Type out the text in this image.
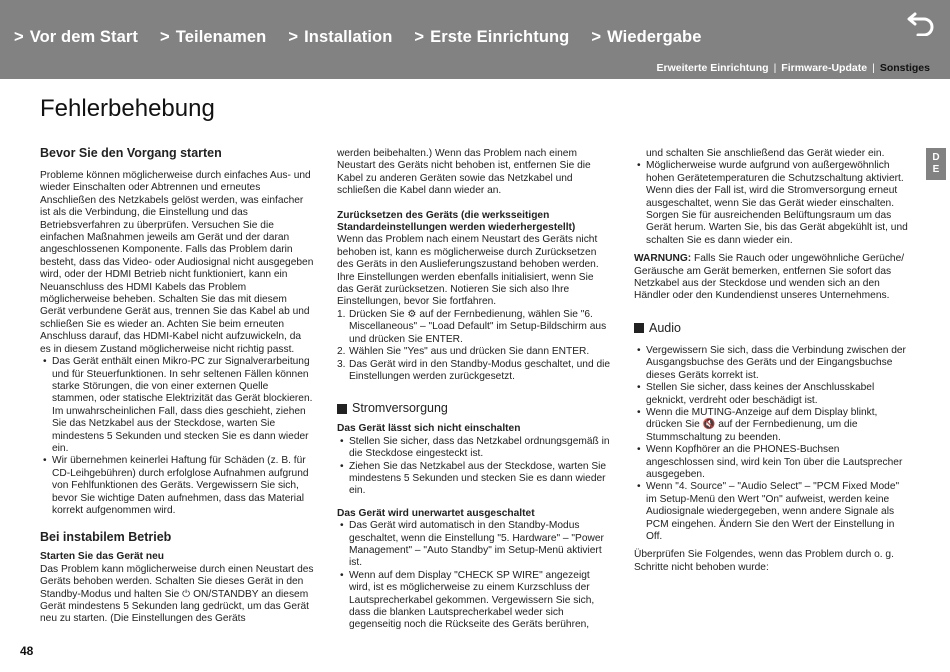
> Vor dem Start > Teilenamen > Installation > Erste Einrichtung > Wiedergabe
Erweiterte Einrichtung | Firmware-Update | Sonstiges
Fehlerbehebung
Bevor Sie den Vorgang starten

Probleme können möglicherweise durch einfaches Aus- und wieder Einschalten oder Abtrennen und erneutes Anschließen des Netzkabels gelöst werden, was einfacher ist als die Verbindung, die Einstellung und das Betriebsverfahren zu überprüfen. Versuchen Sie die einfachen Maßnahmen jeweils am Gerät und der daran angeschlossenen Komponente. Falls das Problem darin besteht, dass das Video- oder Audiosignal nicht ausgegeben wird, oder der HDMI Betrieb nicht funktioniert, kann ein Neuanschluss des HDMI Kabels das Problem möglicherweise beheben. Schalten Sie das mit diesem Gerät verbundene Gerät aus, trennen Sie das Kabel ab und schließen Sie es wieder an. Achten Sie beim erneuten Anschluss darauf, das HDMI-Kabel nicht aufzuwickeln, da es in diesem Zustand möglicherweise nicht richtig passt.

• Das Gerät enthält einen Mikro-PC zur Signalverarbeitung und für Steuerfunktionen. In sehr seltenen Fällen können starke Störungen, die von einer externen Quelle stammen, oder statische Elektrizität das Gerät blockieren. Im unwahrscheinlichen Fall, dass dies geschieht, ziehen Sie das Netzkabel aus der Steckdose, warten Sie mindestens 5 Sekunden und stecken Sie es dann wieder ein.
• Wir übernehmen keinerlei Haftung für Schäden (z. B. für CD-Leihgebühren) durch erfolglose Aufnahmen aufgrund von Fehlfunktionen des Geräts. Vergewissern Sie sich, bevor Sie wichtige Daten aufnehmen, dass das Material korrekt aufgenommen wird.
Bei instabilem Betrieb
Starten Sie das Gerät neu

Das Problem kann möglicherweise durch einen Neustart des Geräts behoben werden. Schalten Sie dieses Gerät in den Standby-Modus und halten Sie ⏻ ON/STANDBY an diesem Gerät mindestens 5 Sekunden lang gedrückt, um das Gerät neu zu starten. (Die Einstellungen des Geräts

werden beibehalten.) Wenn das Problem nach einem Neustart des Geräts nicht behoben ist, entfernen Sie die Kabel zu anderen Geräten sowie das Netzkabel und schließen die Kabel dann wieder an.

Zurücksetzen des Geräts (die werksseitigen Standardeinstellungen werden wiederhergestellt)

Wenn das Problem nach einem Neustart des Geräts nicht behoben ist, kann es möglicherweise durch Zurücksetzen des Geräts in den Auslieferungszustand behoben werden. Ihre Einstellungen werden ebenfalls initialisiert, wenn Sie das Gerät zurücksetzen. Notieren Sie sich also Ihre Einstellungen, bevor Sie fortfahren.

1. Drücken Sie ⚙ auf der Fernbedienung, wählen Sie "6. Miscellaneous" – "Load Default" im Setup-Bildschirm aus und drücken Sie ENTER.
2. Wählen Sie "Yes" aus und drücken Sie dann ENTER.
3. Das Gerät wird in den Standby-Modus geschaltet, und die Einstellungen werden zurückgesetzt.
Stromversorgung
Das Gerät lässt sich nicht einschalten
• Stellen Sie sicher, dass das Netzkabel ordnungsgemäß in die Steckdose eingesteckt ist.
• Ziehen Sie das Netzkabel aus der Steckdose, warten Sie mindestens 5 Sekunden und stecken Sie es dann wieder ein.
Das Gerät wird unerwartet ausgeschaltet
• Das Gerät wird automatisch in den Standby-Modus geschaltet, wenn die Einstellung "5. Hardware" – "Power Management" – "Auto Standby" im Setup-Menü aktiviert ist.
• Wenn auf dem Display "CHECK SP WIRE" angezeigt wird, ist es möglicherweise zu einem Kurzschluss der Lautsprecherkabel gekommen. Vergewissern Sie sich, dass die blanken Lautsprecherkabel weder sich gegenseitig noch die Rückseite des Geräts berühren,

und schalten Sie anschließend das Gerät wieder ein.

• Möglicherweise wurde aufgrund von außergewöhnlich hohen Gerätetemperaturen die Schutzschaltung aktiviert. Wenn dies der Fall ist, wird die Stromversorgung erneut ausgeschaltet, wenn Sie das Gerät wieder einschalten. Sorgen Sie für ausreichenden Belüftungsraum um das Gerät herum. Warten Sie, bis das Gerät abgekühlt ist, und schalten Sie es dann wieder ein.

WARNUNG: Falls Sie Rauch oder ungewöhnliche Gerüche/ Geräusche am Gerät bemerken, entfernen Sie sofort das Netzkabel aus der Steckdose und wenden sich an den Händler oder den Kundendienst unseres Unternehmens.

Audio
• Vergewissern Sie sich, dass die Verbindung zwischen der Ausgangsbuchse des Geräts und der Eingangsbuchse dieses Geräts korrekt ist.
• Stellen Sie sicher, dass keines der Anschlusskabel geknickt, verdreht oder beschädigt ist.
• Wenn die MUTING-Anzeige auf dem Display blinkt, drücken Sie 🔇 auf der Fernbedienung, um die Stummschaltung zu beenden.
• Wenn Kopfhörer an die PHONES-Buchsen angeschlossen sind, wird kein Ton über die Lautsprecher ausgegeben.
• Wenn "4. Source" – "Audio Select" – "PCM Fixed Mode" im Setup-Menü den Wert "On" aufweist, werden keine Audiosignale wiedergegeben, wenn andere Signale als PCM eingehen. Ändern Sie den Wert der Einstellung in Off.

Überprüfen Sie Folgendes, wenn das Problem durch o. g. Schritte nicht behoben wurde:

D
E
48
